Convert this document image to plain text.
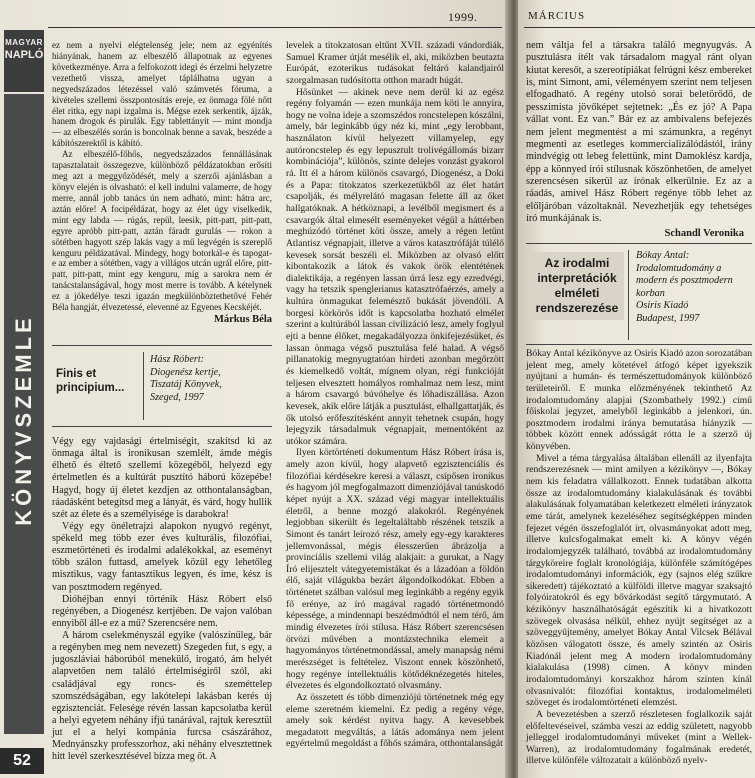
1999.
MAGYAR
NAPLÓ
KÖNYVSZEMLE
52

ez nem a nyelvi elégtelenség jele; nem az egyénítés hiányának, hanem az elbeszélő állapotnak az egyenes következménye. Arra a felfokozott idegi és érzelmi helyzetre vezethető vissza, amelyet táplálhatna ugyan a negyedszázados létezéssel való számvetés fóruma, a kivételes szellemi összpontosítás ereje, ez önmaga fölé nőtt élet ritka, egy napi izgalma is. Mégse ezek serkentik, ájzák, hanem drogok és pirulák. Egy tablettányit — mint mondja — az elbeszélés során is boncolnak benne a savak, beszéde a kábítószerektől is kábító.

Az elbeszélő-főhős, negyedszázados fennállásának tapasztalatait összegezve, különböző példázatokban erősíti meg azt a meggyőződését, mely a szerzői ajánlásban a könyv elején is olvasható: el kell indulni valamerre, de hogy merre, annál jobb tanács ún nem adható, mint: hátra arc, aztán előre! A focipéldázat, hogy az élet úgy viselkedik, mint egy labda — rúgás, repül, leesik, pitt-patt, pitt-patt, egyre apróbb pitt-patt, aztán fáradt gurulás — rokon a sötétben hagyott szép lakás vagy a mű legvégén is szereplő kenguru példázatával. Mindegy, hogy botorkál-e és tapogat-e az ember a sötétben, vagy a villágos utcán ugrál előre, pitt-patt, pitt-patt, mint egy kenguru, míg a sarokra nem ér tanácstalanságával, hogy most merre is tovább. A kételynek ez a jókedélye teszi igazán megkülönböztethetővé Fehér Béla hangját, élvezetessé, elevenné az Egyenes Kecskéjét.

Márkus Béla
Finis et principium...
Hász Róbert:
Diogenész kertje,
Tiszatáj Könyvek,
Szeged, 1997

Végy egy vajdasági értelmiségit, szakítsd ki az önmaga által is ironikusan szemlélt, ámde mégis élhető és éltető szellemi közegéből, helyezd egy értelmetlen és a kultúrát pusztító háború közepébe! Hagyd, hogy új életet kezdjen az otthontalanságban, ráadásként betegítsd meg a lányát, és várd, hogy hullik szét az élete és a személyisége is darabokra!

Végy egy önéletrajzi alapokon nyugvó regényt, spékeld meg több ezer éves kulturális, filozófiai, eszmetörténeti és irodalmi adalékokkal, az eseményt több szálon futtasd, amelyek közül egy lehetőleg misztikus, vagy fantasztikus legyen, és íme, kész is van posztmodern regényed.

Dióhéjban ennyi történik Hász Róbert első regényében, a Diogenész kertjében. De vajon valóban ennyiből áll-e ez a mű? Szerencsére nem.

A három cselekményszál egyike (valószínűleg, bár a regényben meg nem nevezett) Szegeden fut, s egy, a jugoszláviai háborúból menekülő, irogató, ám helyét alapvetően nem találó értelmiségiről szól, aki családjával egy roncs- és szeméttelep szomszédságában, egy lakótelepi lakásban kerés új egzisztenciát. Felesége révén lassan kapcsolatba kerül a helyi egyetem néhány ifjú tanárával, rajtuk keresztül jut el a helyi kompánia furcsa császárához, Mednyánszky professzorhoz, aki néhány elvesztettnek hitt levél szerkesztésével bízza meg őt. A

levelek a titokzatosan eltűnt XVII. századi vándordiák, Samuel Kramer útját mesélik el, aki, miközben beutazta Európát, ezoterikus tudásokat feltáró kalandjairól szorgalmasan tudósította otthon maradt húgát.

Hősünket — akinek neve nem derül ki az egész regény folyamán — ezen munkája nem köti le annyira, hogy ne volna ideje a szomszédos roncstelepen kószálni, amely, bár leginkább úgy néz ki, mint „egy lerobbant, használaton kívül helyezett villamyelep, egy autóroncstelep és egy lepusztult trolivégállomás bizarr kombinációja”, különös, szinte delejes vonzást gyakorol rá. Itt él a három különös csavargó, Diogenész, a Doki és a Papa: titokzatos szerkezetükből az élet határt csapolják, és mélyrelátó magasan felette áll az őket hallgatóknak. A hétköznapi, a levélből megismert és a csavargók által elmesélt eseményeket végül a háttérben meghúzódó történet köti össze, amely a régen letűnt Atlantisz végnapjait, illetve a város katasztrófáját túlélő kevesek sorsát beszéli el. Miközben az olvasó előtt kibontakozik a látok és vakok örök elentétének dialektikája, a regényen lassan úrrá lesz egy ezredvégi, vagy ha tetszik spenglerianus katasztrófaérzés, amely a kultúra önmagukat felemésztő bukását jövendöli. A borgesi körkörös időt is kapcsolatba hozható elmélet szerint a kultúrából lassan civilizáció lesz, amely foglyul ejti a benne élőket, megakadályozza önkifejezésüket, és lassan önmaga végső pusztulása felé halad. A végső pillanatokig megnyugtatóan hirdeti azonban megőrzött és kiemelkedő voltát, mígnem olyan, régi funkcióját teljesen elvesztett homályos romhalmaz nem lesz, mint a három csavargó búvóhelye és lőhadiszállása. Azon kevesek, akik előre látják a pusztulást, elhallgattatják, és ők utolsó erőfeszítésként annyit tehetnek csupán, hogy lejegyzik társadalmuk végnapjait, mementóként az utókor számára.

Ilyen körtörténeti dokumentum Hász Róbert írása is, amely azon kívül, hogy alapvető egzisztenciális és filozófiai kérdésekre keresi a választ, csípősen ironikus és hagyom jól megfogalmazott dimenziójával tanúskodó képet nyújt a XX. század végi magyar intellektuális életről, a benne mozgó alakokról. Regényének legjobban sikerült és legeltaláltabb részének tetszik a Simont és tanárt leírozó rész, amely egy-egy karakteres jellemvonással, mégis élesszerűen ábrázolja a provinciális szellemi világ alakjait: a gurukat, a Nagy Író elijesztelt vátegyetemistákat és a lázadóan a földön élő, saját világukba bezárt álgondolkodókat. Ebben a történetet szálban valósul meg leginkább a regény egyik fő erénye, az író magával ragadó történetmondó képessége, a mindennapi beszédmódtól el nem térő, ám mindig élvezetes írói stílusa. Hász Róbert szerencsésen ötvözi művében a montázstechnika elemeit a hagyományos történetmondással, amely manapság némi merészséget is feltételez. Viszont ennek köszönhető, hogy regénye intellektuális kötődéknézegetés hiteles, élvezetes és elgondolkoztató olvasmány.

Az összetett és több dimenziójú történetnek még egy eleme szeretném kiemelni. Ez pedig a regény vége, amely sok kérdést nyitva hagy. A kevesebbek megadatott megváltás, a látás adománya nem jelent egyértelmű megoldást a főhős számára, otthontalanságát

MÁRCIUS

nem váltja fel a társakra találó megnyugvás. A pusztulásra ítélt vak társadalom magyal ránt olyan kiutat keresőt, a szereotípiákat felrúgni kész embereket is, mint Simont, ami, véleményem szerint nem teljesen elfogadható. A regény utolsó sorai beletörődő, de pesszimista jövőképet sejtetnek: „És ez jó? A Papa vállat vont. Ez van.” Bár ez az ambivalens befejezés nem jelent megmentést a mi számunkra, a regényt megmenti az esetleges kommercializálódástól, irány mindvégig ott lebeg felettünk, mint Damoklész kardja, épp a könnyed írói stílusnak köszönhetően, de amelyet szerencsésen sikerül az írónak elkerülnie. Ez az a ráadás, amivel Hász Róbert regénye több lehet az előljáróban vázoltaknál. Nevezhetjük egy tehetséges író munkájának is.

Schandl Veronika
Az irodalmi interpretációk elméleti rendszerezése
Bókay Antal:
Irodalomtudomány a modern és posztmodern korban
Osiris Kiadó
Budapest, 1997

Bókay Antal kézikönyve az Osiris Kiadó azon sorozatában jelent meg, amely kötetével átfogó képet igyekszik nyújtani a humán- és természettudományok különböző területeiről. E munka előzményének tekinthető Az irodalomtudomány alapjai (Szombathely 1992.) című főiskolai jegyzet, amelyből leginkább a jelenkori, ún. posztmodern irodalmi iránya bemutatása hiányzik — többek között ennek adósságát rótta le a szerző új könyvében.

Mivel a téma tárgyalása általában ellenáll az ilyenfajta rendszerezésnek — mint amilyen a kézikönyv —, Bókay nem kis feladatra vállalkozott. Ennek tudatában alkotta össze az irodalomtudomány kialakulásának és további alakulásának folyamatában keletkezett elméleti irányzatok eme tárát, amelynek kezeléséhez segítségképpen minden fejezet végén összefoglalót írt, olvasmányokat adott meg, illetve kulcsfogalmakat emelt ki. A könyv végén irodalomjegyzék található, továbbá az irodalomtudomány tárgyköreire foglalt kronológiája, különféle számítógépes irodalomtudományi információk, egy (sajnos elég szűkre sikeredett) tájékoztató a külföldi illetve magyar szaksajtó folyóiratokról és egy bővárkodást segítő tárgymutató. A kézikönyv használhatóságát egészítik ki a hivatkozott szövegek olvasása nélkül, ehhez nyújt segítséget az a szöveggyűjtemény, amelyet Bókay Antal Vilcsek Bélával közösen válogatott össze, és amely szintén az Osiris Kiadónál jelent meg A modern irodalomtudomány kialakulása (1998) címen. A könyv minden irodalomtudományi korszakhoz három szinten kínál olvasnivalót: filozófiai kontaktus, irodalomelméleti szöveget és irodalomtörténeti elemzést.

A bevezetésben a szerző részletesen foglalkozik saját előfeltevéseivel, számba veszi az eddig született, nagyobb jelleggel irodalomtudományi műveket (mint a Wellek-Warren), az irodalomtudomány fogalmának eredetét, illetve különféle változatait a különböző nyelv-
